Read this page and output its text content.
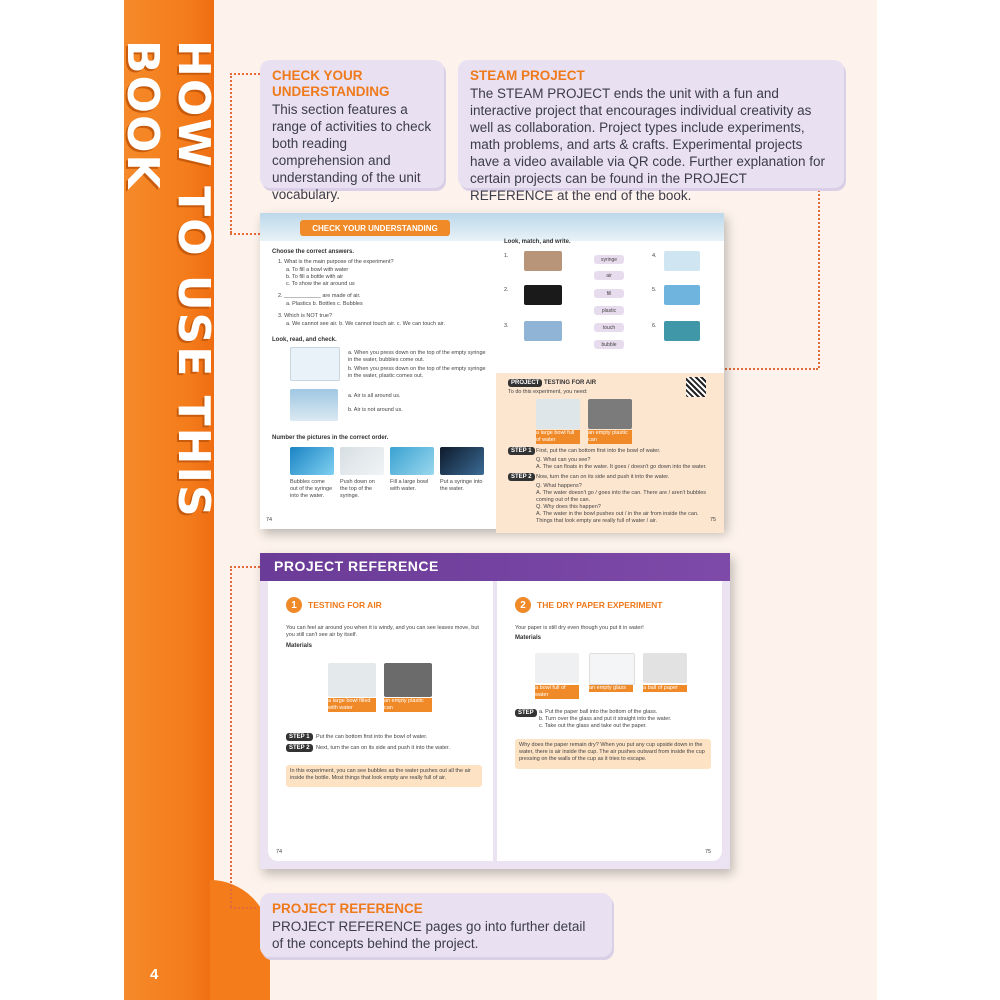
HOW TO USE THIS BOOK
4
CHECK YOUR UNDERSTANDING
This section features a range of activities to check both reading comprehension and understanding of the unit vocabulary.
STEAM PROJECT
The STEAM PROJECT ends the unit with a fun and interactive project that encourages individual creativity as well as collaboration. Project types include experiments, math problems, and arts & crafts. Experimental projects have a video available via QR code. Further explanation for certain projects can be found in the PROJECT REFERENCE at the end of the book.
PROJECT REFERENCE
PROJECT REFERENCE pages go into further detail of the concepts behind the project.
CHECK YOUR UNDERSTANDING
Choose the correct answers.
1. What is the main purpose of the experiment?
a. To fill a bowl with water
b. To fill a bottle with air
c. To show the air around us
2. ____________ are made of air.
a. Plastics b. Bottles c. Bubbles
3. Which is NOT true?
a. We cannot see air. b. We cannot touch air. c. We can touch air.
Look, read, and check.
a. When you press down on the top of the empty syringe in the water, bubbles come out.
b. When you press down on the top of the empty syringe in the water, plastic comes out.
a. Air is all around us.
b. Air is not around us.
Number the pictures in the correct order.
Bubbles come out of the syringe into the water.
Push down on the top of the syringe.
Fill a large bowl with water.
Put a syringe into the water.
74
Look, match, and write.
1.
2.
3.
syringe
air
fill
plastic
touch
bubble
4.
5.
6.
PROJECT TESTING FOR AIR
To do this experiment, you need:
a large bowl full of water
an empty plastic can
STEP 1 First, put the can bottom first into the bowl of water.
Q. What can you see?
A. The can floats in the water. It goes / doesn't go down into the water.
STEP 2 Now, turn the can on its side and push it into the water.
Q. What happens?
A. The water doesn't go / goes into the can. There are / aren't bubbles coming out of the can.
Q. Why does this happen?
A. The water in the bowl pushes out / in the air from inside the can. Things that look empty are really full of water / air.	75
PROJECT REFERENCE
1	TESTING FOR AIR
You can feel air around you when it is windy, and you can see leaves move, but you still can't see air by itself.
Materials
a large bowl filled with water
an empty plastic can
STEP 1	Put the can bottom first into the bowl of water.
STEP 2	Next, turn the can on its side and push it into the water.
In this experiment, you can see bubbles as the water pushes out all the air inside the bottle. Most things that look empty are really full of air.
74
2	THE DRY PAPER EXPERIMENT
Your paper is still dry even though you put it in water!
Materials
a bowl full of water
an empty glass	a ball of paper
STEP a. Put the paper ball into the bottom of the glass.
b. Turn over the glass and put it straight into the water.
c. Take out the glass and take out the paper.
Why does the paper remain dry? When you put any cup upside down in the water, there is air inside the cup. The air pushes outward from inside the cup pressing on the walls of the cup as it tries to escape.
75
